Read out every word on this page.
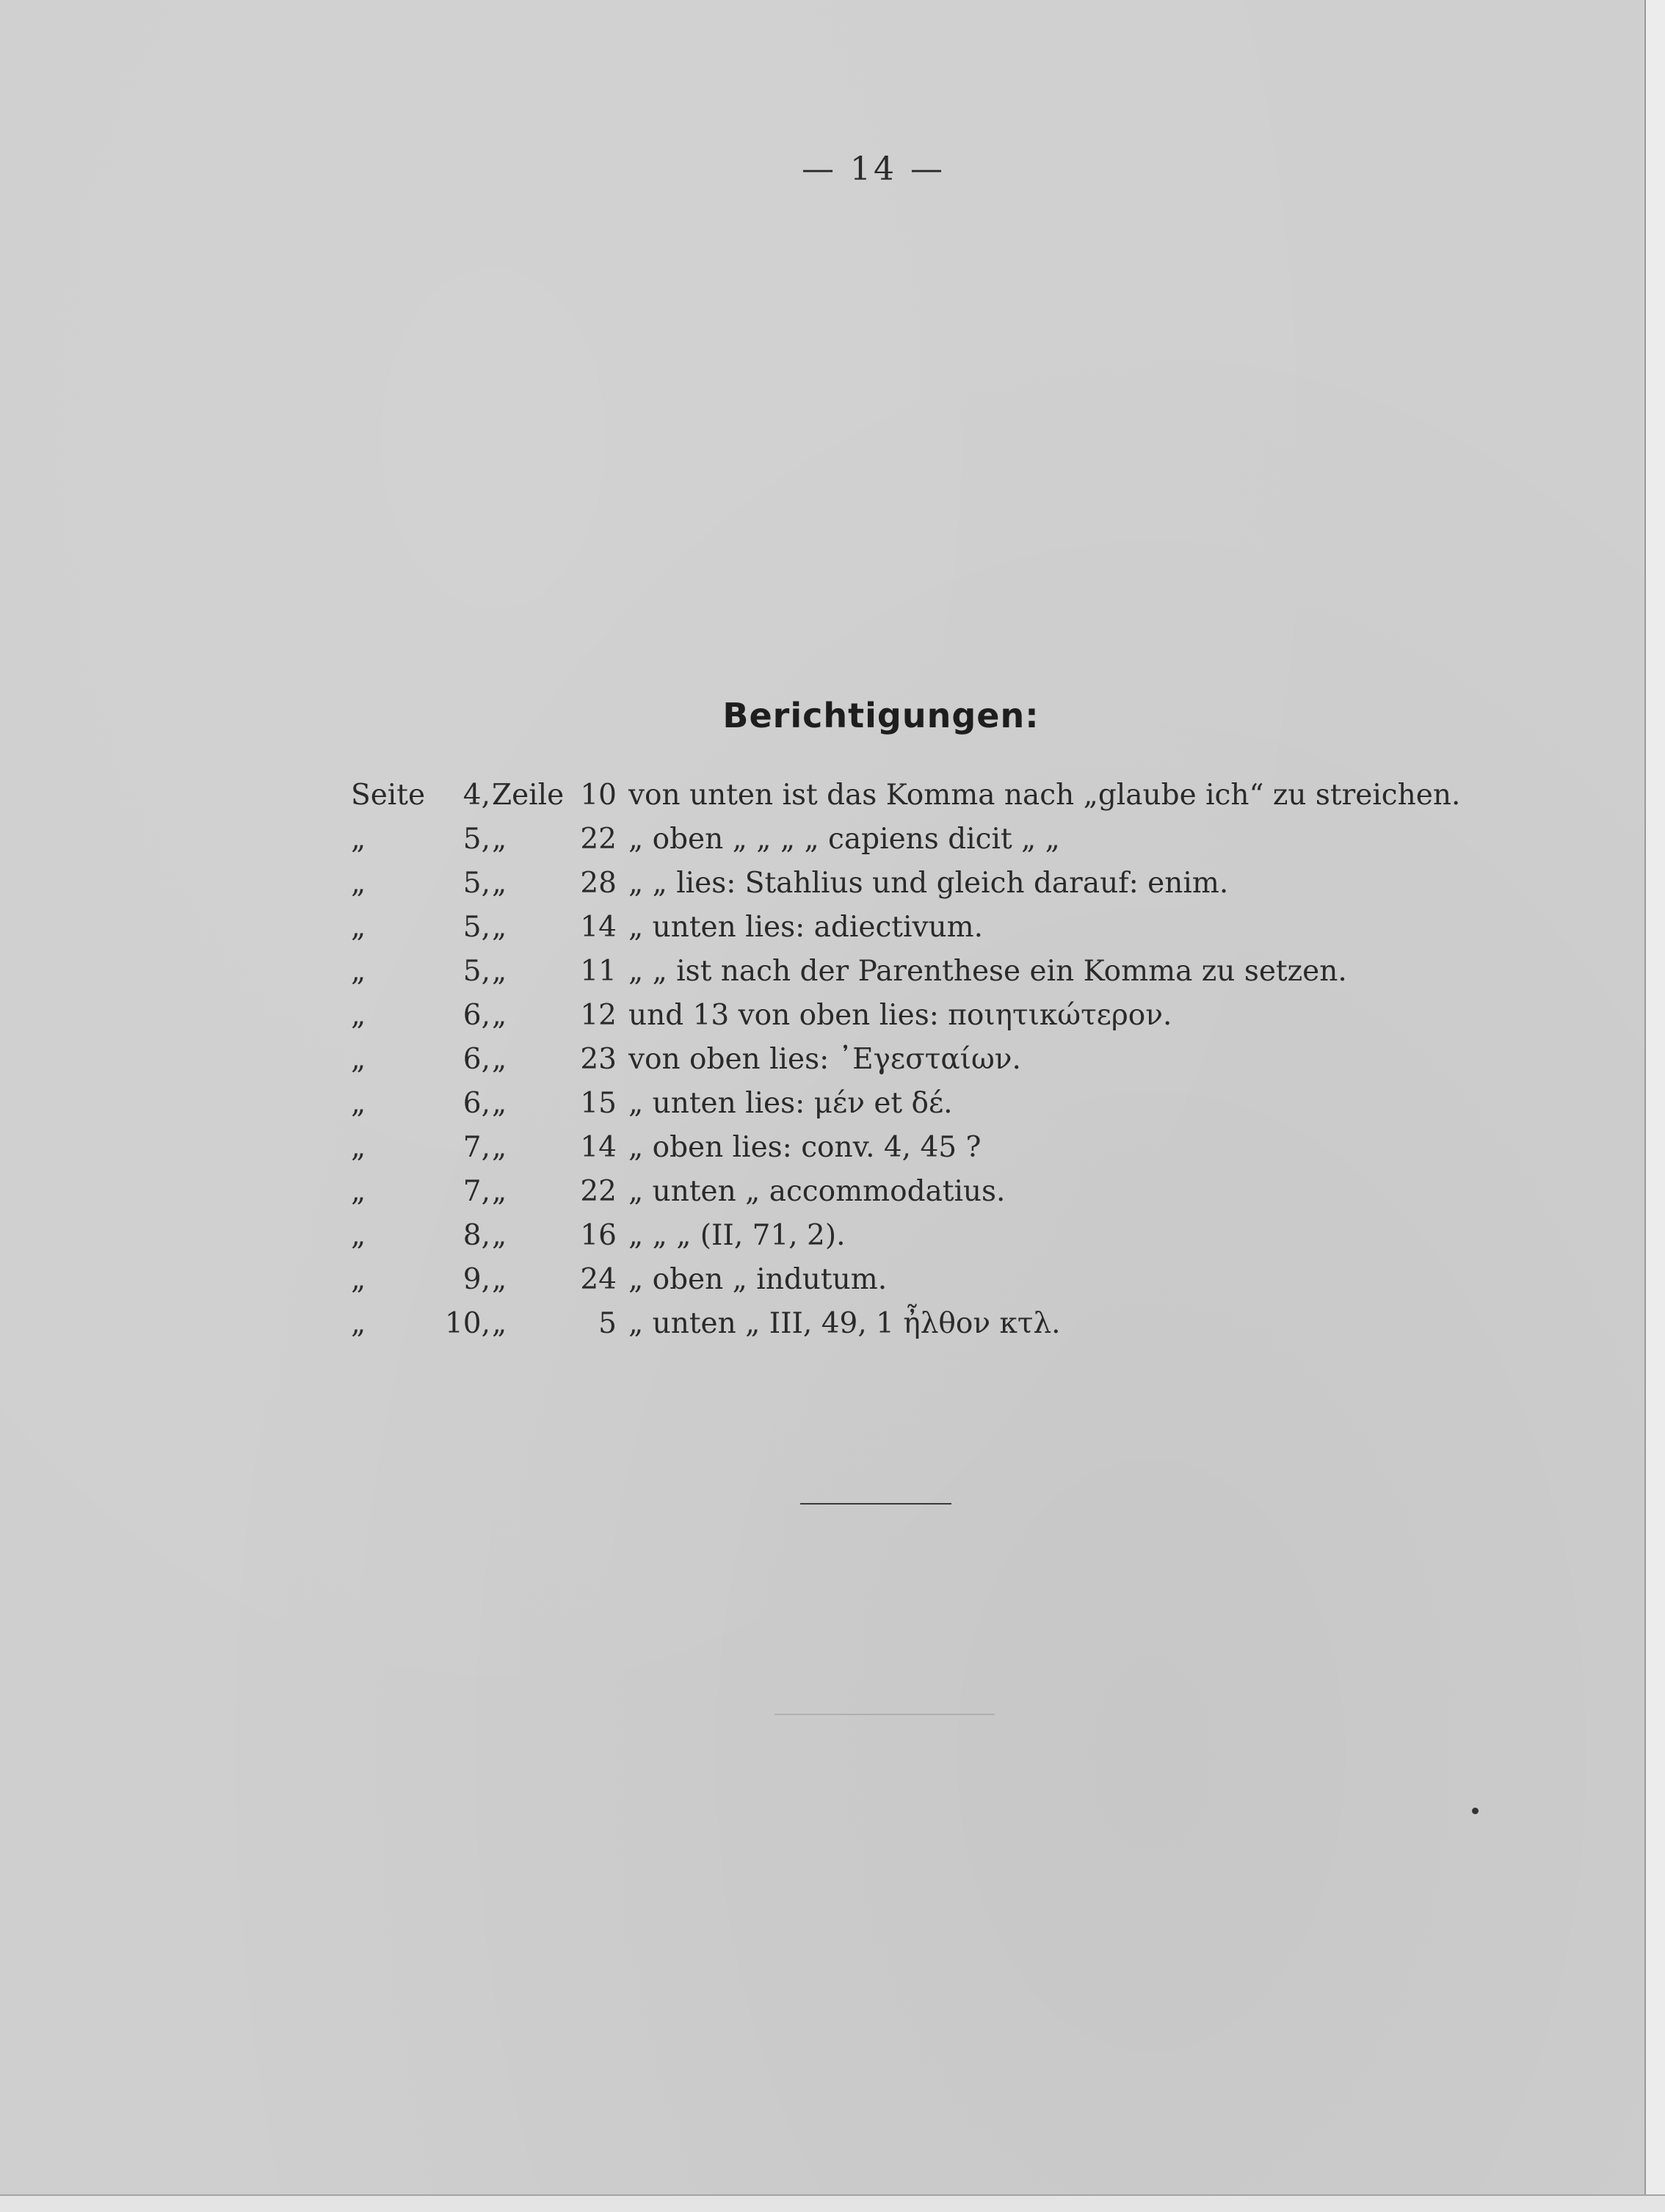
— 14 —
Berichtigungen:
Seite	4, Zeile 10 von unten ist das Komma nach „glaube ich“ zu streichen.
„	5, „	22 „ oben „ „ „ „ capiens dicit „ „
„	5, „	28 „ „ lies: Stahlius und gleich darauf: enim.
„	5, „	14 „ unten lies: adiectivum.
„	5, „	11 „ „ ist nach der Parenthese ein Komma zu setzen.
„	6, „	12 und 13 von oben lies: ποιητικώτερον.
„	6, „	23 von oben lies: ᾿Εγεσταίων.
„	6, „	15 „ unten lies: μέν et δέ.
„	7, „	14 „ oben lies: conv. 4, 45 ?
„	7, „	22 „ unten „ accommodatius.
„	8, „	16 „ „ „ (II, 71, 2).
„	9, „	24 „ oben „ indutum.
„	10, „	5 „ unten „ III, 49, 1 ἦλθον κτλ.
